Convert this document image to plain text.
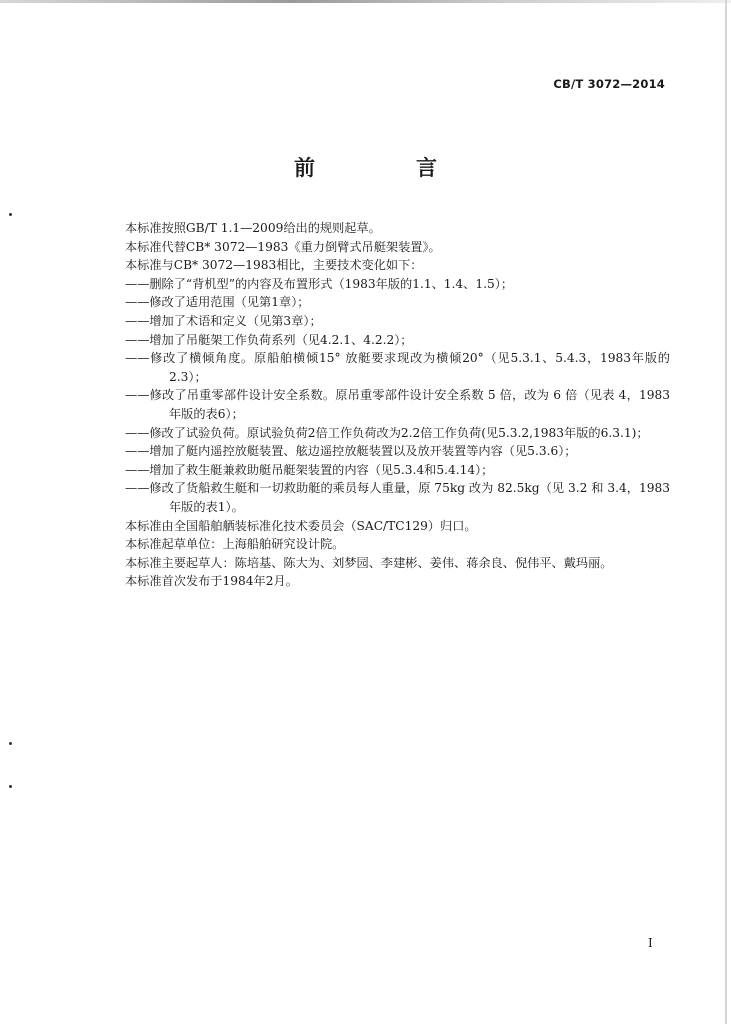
CB/T 3072—2014
前　言
本标准按照GB/T 1.1—2009给出的规则起草。
本标准代替CB* 3072—1983《重力倒臂式吊艇架装置》。
本标准与CB* 3072—1983相比，主要技术变化如下：
——删除了“背机型”的内容及布置形式（1983年版的1.1、1.4、1.5）；
——修改了适用范围（见第1章）；
——增加了术语和定义（见第3章）；
——增加了吊艇架工作负荷系列（见4.2.1、4.2.2）；
——修改了横倾角度。原船舶横倾15° 放艇要求现改为横倾20°（见5.3.1、5.4.3，1983年版的2.3）；
——修改了吊重零部件设计安全系数。原吊重零部件设计安全系数 5 倍，改为 6 倍（见表 4，1983年版的表6）；
——修改了试验负荷。原试验负荷2倍工作负荷改为2.2倍工作负荷(见5.3.2,1983年版的6.3.1)；
——增加了艇内遥控放艇装置、舷边遥控放艇装置以及放开装置等内容（见5.3.6）；
——增加了救生艇兼救助艇吊艇架装置的内容（见5.3.4和5.4.14）；
——修改了货船救生艇和一切救助艇的乘员每人重量，原 75kg 改为 82.5kg（见 3.2 和 3.4，1983年版的表1）。
本标准由全国船舶舾装标准化技术委员会（SAC/TC129）归口。
本标准起草单位：上海船舶研究设计院。
本标准主要起草人：陈培基、陈大为、刘梦园、李建彬、姜伟、蒋余良、倪伟平、戴玛丽。
本标准首次发布于1984年2月。
I
